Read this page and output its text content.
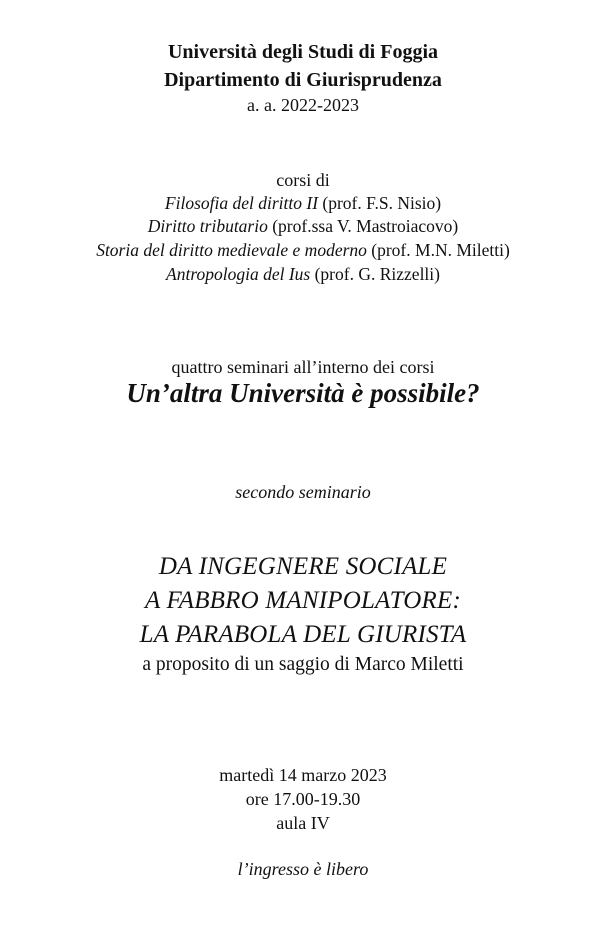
Università degli Studi di Foggia
Dipartimento di Giurisprudenza
a. a. 2022-2023
corsi di
Filosofia del diritto II (prof. F.S. Nisio)
Diritto tributario (prof.ssa V. Mastroiacovo)
Storia del diritto medievale e moderno (prof. M.N. Miletti)
Antropologia del Ius (prof. G. Rizzelli)
quattro seminari all’interno dei corsi
Un’altra Università è possibile?
secondo seminario
DA INGEGNERE SOCIALE
A FABBRO MANIPOLATORE:
LA PARABOLA DEL GIURISTA
a proposito di un saggio di Marco Miletti
martedì 14 marzo 2023
ore 17.00-19.30
aula IV
l’ingresso è libero
